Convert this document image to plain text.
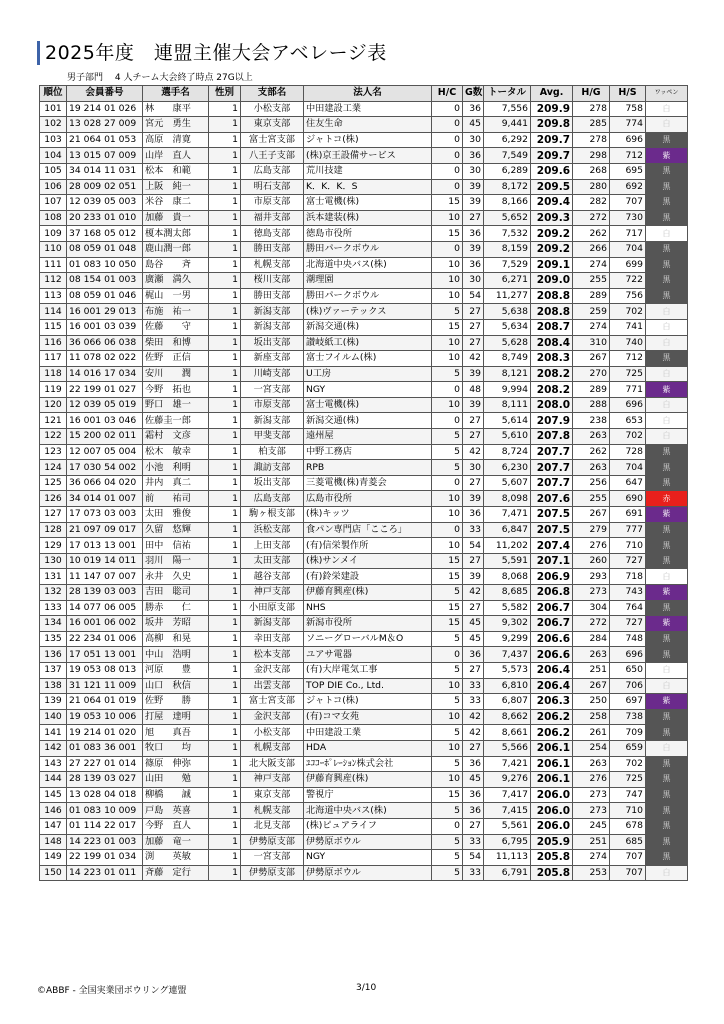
2025年度　連盟主催大会アベレージ表
男子部門　 4 人チーム大会終了時点 27G以上
順位	会員番号	選手名	性別	支部名	法人名	H/C	G数	トータル	Avg.	H/G	H/S	ワッペン
101	19 214 01 026	林　　康平	1	小松支部	中田建設工業	0	36	7,556	209.9	278	758	白
102	13 028 27 009	宮元　勇生	1	東京支部	住友生命	0	45	9,441	209.8	285	774	白
103	21 064 01 053	高原　清寛	1	富士宮支部	ジャトコ(株)	0	30	6,292	209.7	278	696	黒
104	13 015 07 009	山岸　直人	1	八王子支部	(株)京王設備サービス	0	36	7,549	209.7	298	712	紫
105	34 014 11 031	松本　和範	1	広島支部	荒川技建	0	30	6,289	209.6	268	695	黒
106	28 009 02 051	上阪　純一	1	明石支部	K．K．K．S	0	39	8,172	209.5	280	692	黒
107	12 039 05 003	米谷　康二	1	市原支部	富士電機(株)	15	39	8,166	209.4	282	707	黒
108	20 233 01 010	加藤　貴一	1	福井支部	浜本建装(株)	10	27	5,652	209.3	272	730	黒
109	37 168 05 012	榎本潤太郎	1	徳島支部	徳島市役所	15	36	7,532	209.2	262	717	白
110	08 059 01 048	鹿山潤一郎	1	勝田支部	勝田パークボウル	0	39	8,159	209.2	266	704	黒
111	01 083 10 050	島谷　　斉	1	札幌支部	北海道中央バス(株)	10	36	7,529	209.1	274	699	黒
112	08 154 01 003	廣瀬　満久	1	桜川支部	潮理園	10	30	6,271	209.0	255	722	黒
113	08 059 01 046	梶山　一男	1	勝田支部	勝田パークボウル	10	54	11,277	208.8	289	756	黒
114	16 001 29 013	布施　祐一	1	新潟支部	(株)ヴァーテックス	5	27	5,638	208.8	259	702	白
115	16 001 03 039	佐藤　　守	1	新潟支部	新潟交通(株)	15	27	5,634	208.7	274	741	白
116	36 066 06 038	柴田　和博	1	坂出支部	讃岐紙工(株)	10	27	5,628	208.4	310	740	白
117	11 078 02 022	佐野　正信	1	新座支部	富士フイルム(株)	10	42	8,749	208.3	267	712	黒
118	14 016 17 034	安川　　潤	1	川崎支部	U工房	5	39	8,121	208.2	270	725	白
119	22 199 01 027	今野　拓也	1	一宮支部	NGY	0	48	9,994	208.2	289	771	紫
120	12 039 05 019	野口　雄一	1	市原支部	富士電機(株)	10	39	8,111	208.0	288	696	白
121	16 001 03 046	佐藤圭一郎	1	新潟支部	新潟交通(株)	0	27	5,614	207.9	238	653	白
122	15 200 02 011	霜村　文彦	1	甲斐支部	遠州屋	5	27	5,610	207.8	263	702	白
123	12 007 05 004	松木　敏幸	1	柏支部	中野工務店	5	42	8,724	207.7	262	728	黒
124	17 030 54 002	小池　利明	1	諏訪支部	RPB	5	30	6,230	207.7	263	704	黒
125	36 066 04 020	井内　真二	1	坂出支部	三菱電機(株)青菱会	0	27	5,607	207.7	256	647	黒
126	34 014 01 007	前　　祐司	1	広島支部	広島市役所	10	39	8,098	207.6	255	690	赤
127	17 073 03 003	太田　雅俊	1	駒ヶ根支部	(株)キッツ	10	36	7,471	207.5	267	691	紫
128	21 097 09 017	久留　悠輝	1	浜松支部	食パン専門店「こころ」	0	33	6,847	207.5	279	777	黒
129	17 013 13 001	田中　信祐	1	上田支部	(有)信栄製作所	10	54	11,202	207.4	276	710	黒
130	10 019 14 011	羽川　陽一	1	太田支部	(株)サンメイ	15	27	5,591	207.1	260	727	黒
131	11 147 07 007	永井　久史	1	越谷支部	(有)鈴栄建設	15	39	8,068	206.9	293	718	白
132	28 139 03 003	吉田　聡司	1	神戸支部	伊藤育興産(株)	5	42	8,685	206.8	273	743	紫
133	14 077 06 005	勝赤　　仁	1	小田原支部	NHS	15	27	5,582	206.7	304	764	黒
134	16 001 06 002	坂井　芳昭	1	新潟支部	新潟市役所	15	45	9,302	206.7	272	727	紫
135	22 234 01 006	高柳　和晃	1	幸田支部	ソニーグローバルM＆O	5	45	9,299	206.6	284	748	黒
136	17 051 13 001	中山　浩明	1	松本支部	ユアサ電器	0	36	7,437	206.6	263	696	黒
137	19 053 08 013	河原　　豊	1	金沢支部	(有)大岸電気工事	5	27	5,573	206.4	251	650	白
138	31 121 11 009	山口　秋信	1	出雲支部	TOP DIE Co., Ltd.	10	33	6,810	206.4	267	706	白
139	21 064 01 019	佐野　　勝	1	富士宮支部	ジャトコ(株)	5	33	6,807	206.3	250	697	紫
140	19 053 10 006	打屋　達明	1	金沢支部	(有)コマ女苑	10	42	8,662	206.2	258	738	黒
141	19 214 01 020	旭　　真吾	1	小松支部	中田建設工業	5	42	8,661	206.2	261	709	黒
142	01 083 36 001	牧口　　均	1	札幌支部	HDA	10	27	5,566	206.1	254	659	白
143	27 227 01 014	篠原　伸弥	1	北大阪支部	ﾕｺｺｰﾎﾟﾚｰｼｮﾝ株式会社	5	36	7,421	206.1	263	702	黒
144	28 139 03 027	山田　　勉	1	神戸支部	伊藤育興産(株)	10	45	9,276	206.1	276	725	黒
145	13 028 04 018	柳橋　　誠	1	東京支部	警視庁	15	36	7,417	206.0	273	747	黒
146	01 083 10 009	戸島　英喜	1	札幌支部	北海道中央バス(株)	5	36	7,415	206.0	273	710	黒
147	01 114 22 017	今野　直人	1	北見支部	(株)ピュアライフ	0	27	5,561	206.0	245	678	黒
148	14 223 01 003	加藤　竜一	1	伊勢原支部	伊勢原ボウル	5	33	6,795	205.9	251	685	黒
149	22 199 01 034	渕　　英敏	1	一宮支部	NGY	5	54	11,113	205.8	274	707	黒
150	14 223 01 011	斉藤　定行	1	伊勢原支部	伊勢原ボウル	5	33	6,791	205.8	253	707	白
©ABBF - 全国実業団ボウリング連盟	3/10
